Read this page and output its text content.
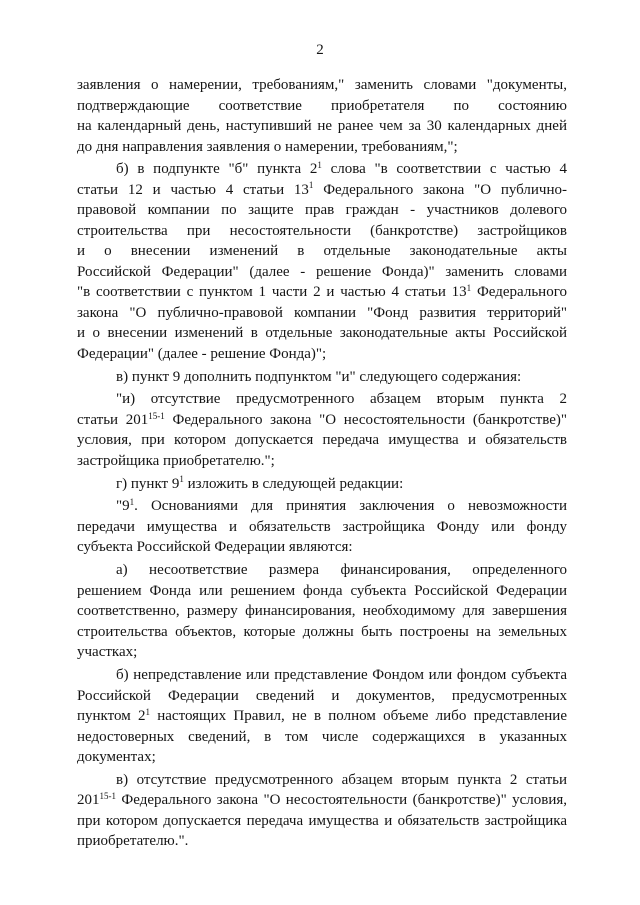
2
заявления о намерении, требованиям," заменить словами "документы,
подтверждающие соответствие приобретателя по состоянию
на календарный день, наступивший не ранее чем за 30 календарных дней
до дня направления заявления о намерении, требованиям,";
б) в подпункте "б" пункта $2^1$ слова "в соответствии с частью 4
статьи 12 и частью 4 статьи $13^1$ Федерального закона "О публично-
правовой компании по защите прав граждан - участников долевого
строительства при несостоятельности (банкротстве) застройщиков
и о внесении изменений в отдельные законодательные акты
Российской Федерации" (далее - решение Фонда)" заменить словами
"в соответствии с пунктом 1 части 2 и частью 4 статьи $13^1$ Федерального
закона "О публично-правовой компании "Фонд развития территорий"
и о внесении изменений в отдельные законодательные акты Российской
Федерации" (далее - решение Фонда)";
в) пункт 9 дополнить подпунктом "и" следующего содержания:
"и) отсутствие предусмотренного абзацем вторым пункта 2
статьи 201$^{15-1}$ Федерального закона "О несостоятельности (банкротстве)"
условия, при котором допускается передача имущества и обязательств
застройщика приобретателю.";
г) пункт $9^1$ изложить в следующей редакции:
"$9^1$. Основаниями для принятия заключения о невозможности
передачи имущества и обязательств застройщика Фонду или фонду
субъекта Российской Федерации являются:
а) несоответствие размера финансирования, определенного
решением Фонда или решением фонда субъекта Российской Федерации
соответственно, размеру финансирования, необходимому для завершения
строительства объектов, которые должны быть построены на земельных
участках;
б) непредставление или представление Фондом или фондом субъекта
Российской Федерации сведений и документов, предусмотренных
пунктом $2^1$ настоящих Правил, не в полном объеме либо представление
недостоверных сведений, в том числе содержащихся в указанных
документах;
в) отсутствие предусмотренного абзацем вторым пункта 2 статьи
201$^{15-1}$ Федерального закона "О несостоятельности (банкротстве)" условия,
при котором допускается передача имущества и обязательств застройщика
приобретателю.".
